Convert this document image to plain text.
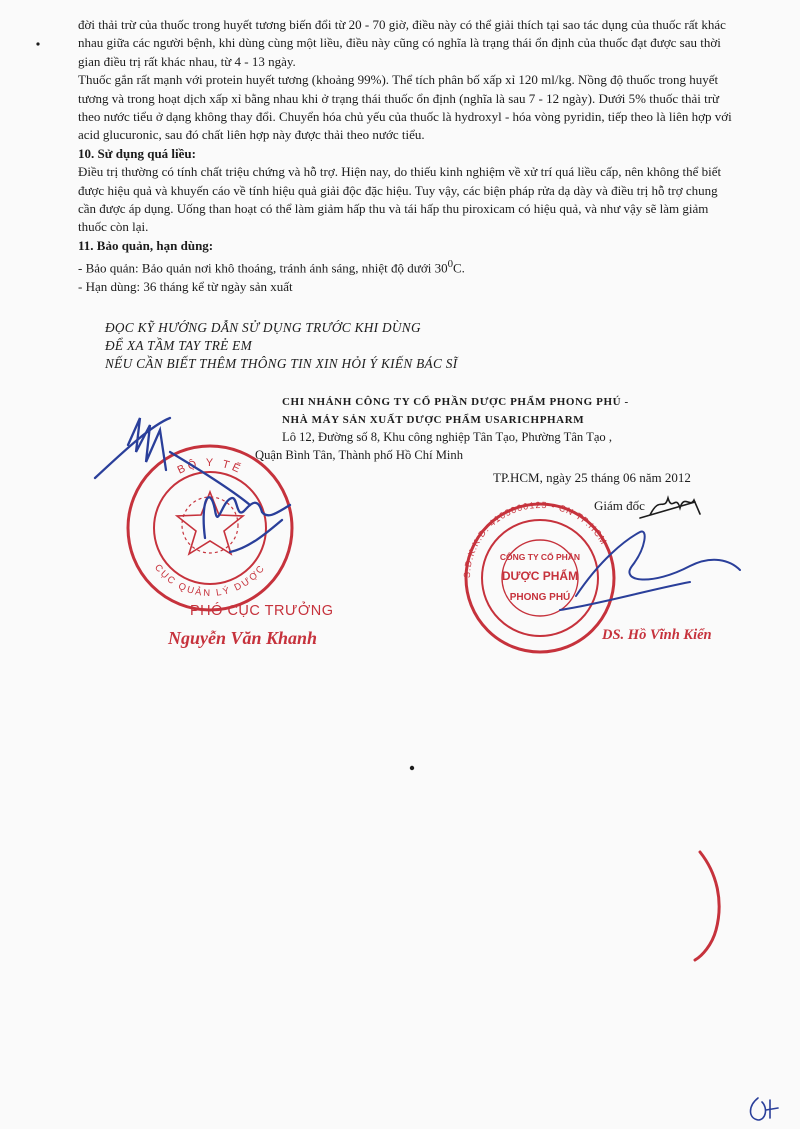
đời thải trừ của thuốc trong huyết tương biến đổi từ 20 - 70 giờ, điều này có thể giải thích tại sao tác dụng của thuốc rất khác nhau giữa các người bệnh, khi dùng cùng một liều, điều này cũng có nghĩa là trạng thái ổn định của thuốc đạt được sau thời gian điều trị rất khác nhau, từ 4 - 13 ngày.

Thuốc gắn rất mạnh với protein huyết tương (khoảng 99%). Thể tích phân bố xấp xỉ 120 ml/kg. Nồng độ thuốc trong huyết tương và trong hoạt dịch xấp xỉ bằng nhau khi ở trạng thái thuốc ổn định (nghĩa là sau 7 - 12 ngày). Dưới 5% thuốc thải trừ theo nước tiểu ở dạng không thay đổi. Chuyển hóa chủ yếu của thuốc là hydroxyl - hóa vòng pyridin, tiếp theo là liên hợp với acid glucuronic, sau đó chất liên hợp này được thải theo nước tiểu.

10. Sử dụng quá liều:

Điều trị thường có tính chất triệu chứng và hỗ trợ. Hiện nay, do thiếu kinh nghiệm về xử trí quá liều cấp, nên không thể biết được hiệu quả và khuyến cáo về tính hiệu quả giải độc đặc hiệu. Tuy vậy, các biện pháp rửa dạ dày và điều trị hỗ trợ chung cần được áp dụng. Uống than hoạt có thể làm giảm hấp thu và tái hấp thu piroxicam có hiệu quả, và như vậy sẽ làm giảm thuốc còn lại.

11. Bảo quản, hạn dùng:

- Bảo quản: Bảo quản nơi khô thoáng, tránh ánh sáng, nhiệt độ dưới $30^0C$.

- Hạn dùng: 36 tháng kể từ ngày sản xuất

ĐỌC KỸ HƯỚNG DẪN SỬ DỤNG TRƯỚC KHI DÙNG
ĐỂ XA TẦM TAY TRẺ EM
NẾU CẦN BIẾT THÊM THÔNG TIN XIN HỎI Ý KIẾN BÁC SĨ
CHI NHÁNH CÔNG TY CỔ PHẦN DƯỢC PHẨM PHONG PHÚ -
NHÀ MÁY SẢN XUẤT DƯỢC PHẨM USARICHPHARM
Lô 12, Đường số 8, Khu công nghiệp Tân Tạo, Phường Tân Tạo ,
Quận Bình Tân, Thành phố Hồ Chí Minh
TP.HCM, ngày 25 tháng 06 năm 2012
Giám đốc
BỘ Y TẾ
CỤC QUẢN LÝ DƯỢC	S.Đ.K.K.D. 4103000125 - CN TP.HCM
CÔNG TY CỔ PHẦN
DƯỢC PHẨM
PHONG PHÚ
PHÓ CỤC TRƯỞNG
Nguyễn Văn Khanh	DS. Hồ Vĩnh Kiển
